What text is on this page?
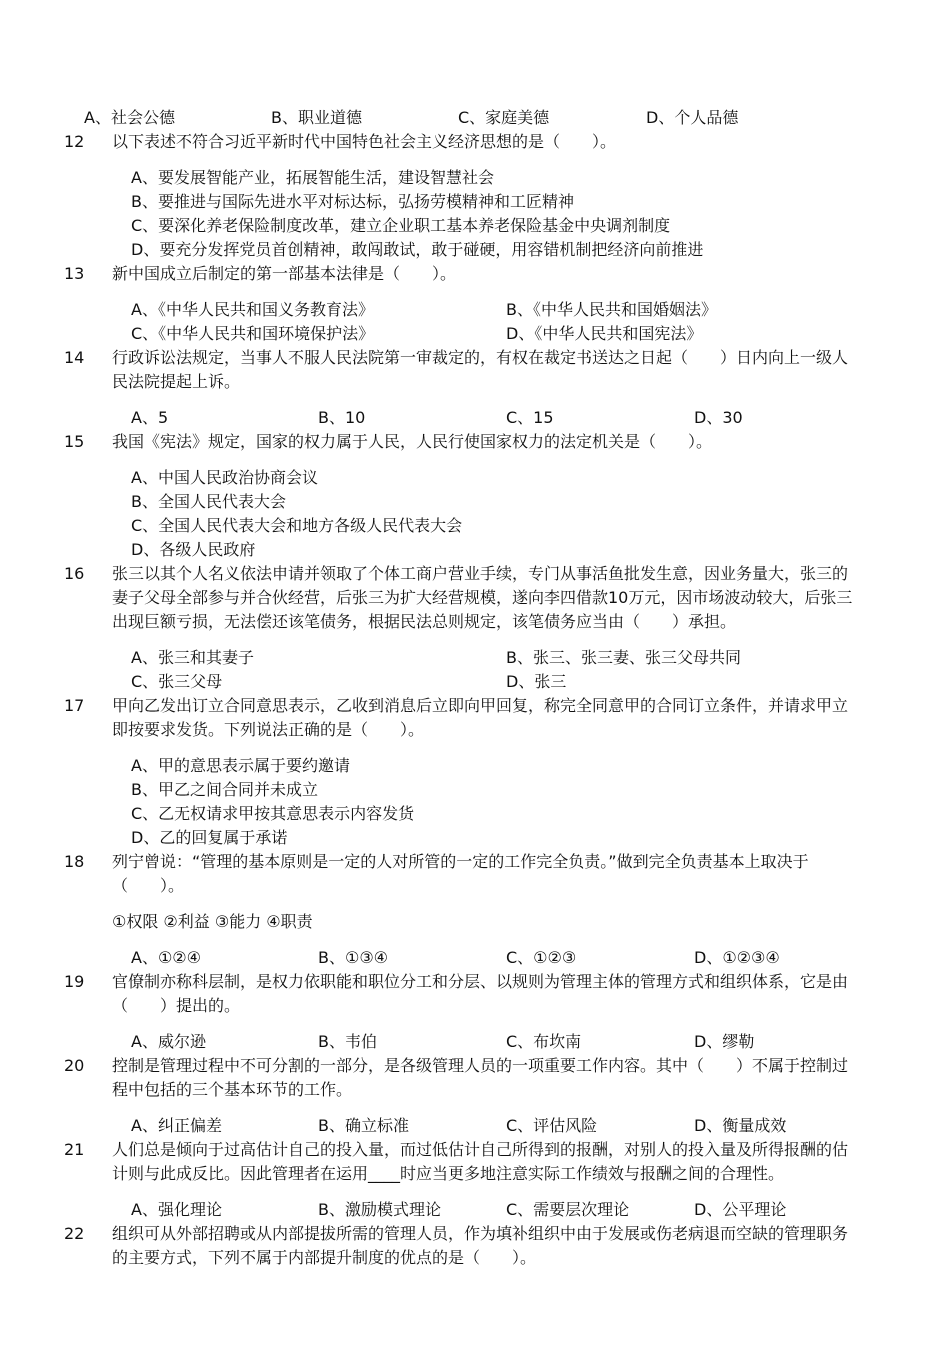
A、社会公德	B、职业道德	C、家庭美德	D、个人品德
12 以下表述不符合习近平新时代中国特色社会主义经济思想的是（　　）。
A、要发展智能产业，拓展智能生活，建设智慧社会
B、要推进与国际先进水平对标达标，弘扬劳模精神和工匠精神
C、要深化养老保险制度改革，建立企业职工基本养老保险基金中央调剂制度
D、要充分发挥党员首创精神，敢闯敢试，敢于碰硬，用容错机制把经济向前推进
13 新中国成立后制定的第一部基本法律是（　　）。
A、《中华人民共和国义务教育法》	B、《中华人民共和国婚姻法》
C、《中华人民共和国环境保护法》	D、《中华人民共和国宪法》
14 行政诉讼法规定，当事人不服人民法院第一审裁定的，有权在裁定书送达之日起（　　）日内向上一级人民法院提起上诉。
A、5	B、10	C、15	D、30
15 我国《宪法》规定，国家的权力属于人民，人民行使国家权力的法定机关是（　　）。
A、中国人民政治协商会议
B、全国人民代表大会
C、全国人民代表大会和地方各级人民代表大会
D、各级人民政府
16 张三以其个人名义依法申请并领取了个体工商户营业手续，专门从事活鱼批发生意，因业务量大，张三的妻子父母全部参与并合伙经营，后张三为扩大经营规模，遂向李四借款10万元，因市场波动较大，后张三出现巨额亏损，无法偿还该笔债务，根据民法总则规定，该笔债务应当由（　　）承担。
A、张三和其妻子	B、张三、张三妻、张三父母共同
C、张三父母	D、张三
17 甲向乙发出订立合同意思表示，乙收到消息后立即向甲回复，称完全同意甲的合同订立条件，并请求甲立即按要求发货。下列说法正确的是（　　）。
A、甲的意思表示属于要约邀请
B、甲乙之间合同并未成立
C、乙无权请求甲按其意思表示内容发货
D、乙的回复属于承诺
18 列宁曾说：“管理的基本原则是一定的人对所管的一定的工作完全负责。”做到完全负责基本上取决于（　　）。
①权限 ②利益 ③能力 ④职责
A、①②④	B、①③④	C、①②③	D、①②③④
19 官僚制亦称科层制，是权力依职能和职位分工和分层、以规则为管理主体的管理方式和组织体系，它是由（　　）提出的。
A、威尔逊	B、韦伯	C、布坎南	D、缪勒
20 控制是管理过程中不可分割的一部分，是各级管理人员的一项重要工作内容。其中（　　）不属于控制过程中包括的三个基本环节的工作。
A、纠正偏差	B、确立标准	C、评估风险	D、衡量成效
21 人们总是倾向于过高估计自己的投入量，而过低估计自己所得到的报酬，对别人的投入量及所得报酬的估计则与此成反比。因此管理者在运用____时应当更多地注意实际工作绩效与报酬之间的合理性。
A、强化理论	B、激励模式理论	C、需要层次理论	D、公平理论
22 组织可从外部招聘或从内部提拔所需的管理人员，作为填补组织中由于发展或伤老病退而空缺的管理职务的主要方式，下列不属于内部提升制度的优点的是（　　）。
